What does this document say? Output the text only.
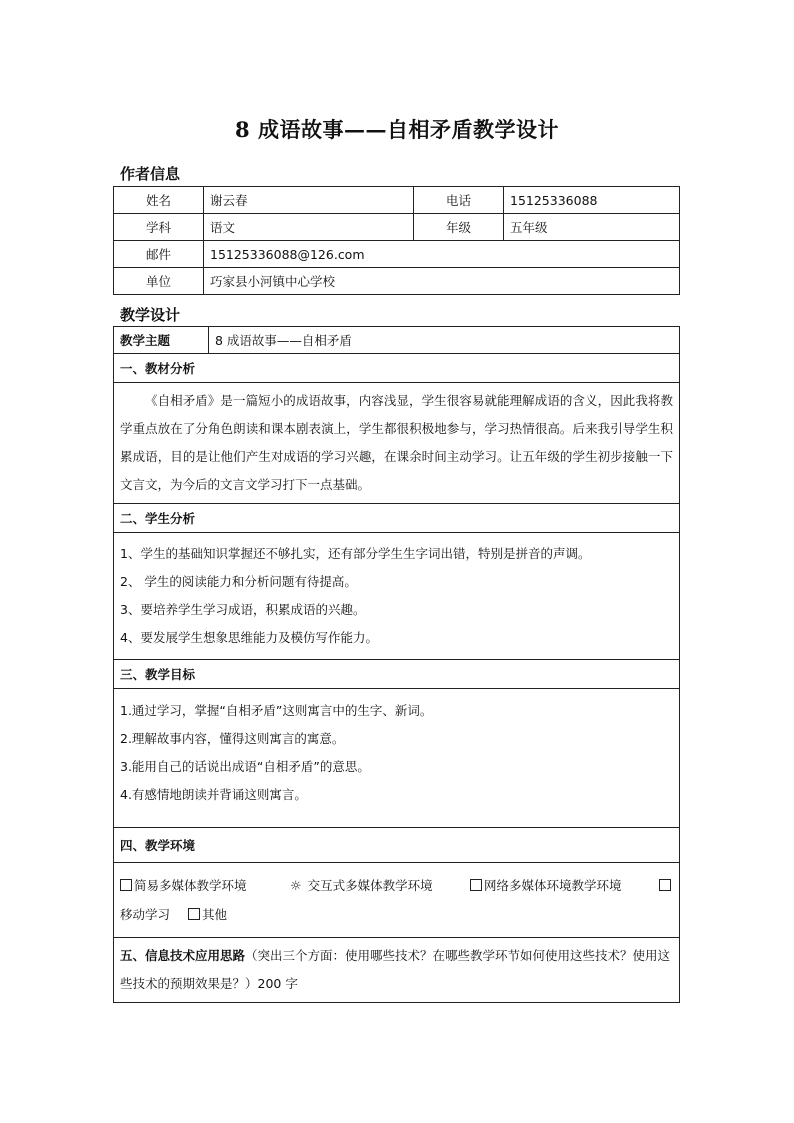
8 成语故事——自相矛盾教学设计
作者信息
姓名	谢云春	电话	15125336088
学科	语文	年级	五年级
邮件	15125336088@126.com		
单位	巧家县小河镇中心学校		
教学设计
教学主题	8 成语故事——自相矛盾
一、教材分析
《自相矛盾》是一篇短小的成语故事，内容浅显，学生很容易就能理解成语的含义，因此我将教学重点放在了分角色朗读和课本剧表演上，学生都很积极地参与，学习热情很高。后来我引导学生积累成语，目的是让他们产生对成语的学习兴趣，在课余时间主动学习。让五年级的学生初步接触一下文言文，为今后的文言文学习打下一点基础。
二、学生分析

1、学生的基础知识掌握还不够扎实，还有部分学生生字词出错，特别是拼音的声调。
2、 学生的阅读能力和分析问题有待提高。
3、要培养学生学习成语，积累成语的兴趣。
4、要发展学生想象思维能力及模仿写作能力。

三、教学目标

1.通过学习，掌握“自相矛盾”这则寓言中的生字、新词。
2.理解故事内容，懂得这则寓言的寓意。
3.能用自己的话说出成语“自相矛盾”的意思。
4.有感情地朗读并背诵这则寓言。

四、教学环境

简易多媒体教学环境	☼ 交互式多媒体教学环境	网络多媒体环境教学环境
移动学习	其他

五、信息技术应用思路（突出三个方面：使用哪些技术？在哪些教学环节如何使用这些技术？使用这些技术的预期效果是？）200 字
